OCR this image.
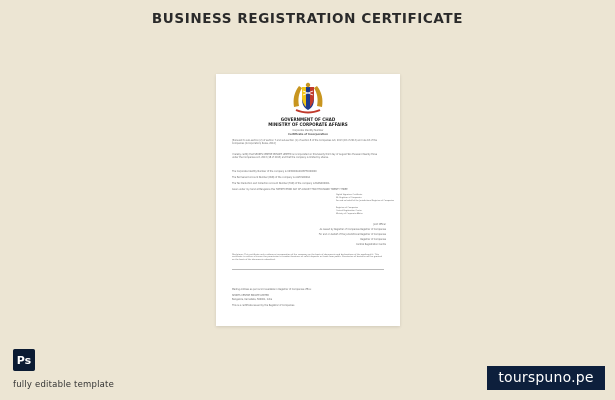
BUSINESS REGISTRATION CERTIFICATE
GOVERNMENT OF CHAD
MINISTRY OF CORPORATE AFFAIRS
Corporate Identity Number
Certificate of Incorporation
[Pursuant to sub-section (2) of section 7 and sub-section (1) of section 8 of the Companies Act, 2013 (18 of 2013) and rule 18 of the Companies (Incorporation) Rules, 2014]
I hereby certify that SPORTS CENTRE PRIVATE LIMITED is incorporated on this twenty third day of August Two thousand twenty three under the Companies Act, 2013 (18 of 2013) and that the company is limited by shares.
The Corporate Identity Number of the company is U93000KA2023PTC000000
The Permanent Account Number (PAN) of the company is AAHCS0000A
The Tax Deduction and Collection Account Number (TAN) of the company is BLRS00000A
Given under my hand at Bangalore this TWENTY-THIRD DAY OF AUGUST TWO THOUSAND TWENTY THREE
Digital Signature Certificate
Mr. Registrar of Companies
For and on behalf of the Jurisdictional Registrar of Companies
Registrar of Companies
Central Registration Centre
Ministry of Corporate Affairs
Joint Officer
As issued by Registrar of Companies Registrar of Companies
For and on behalf of the Jurisdictional Registrar of Companies
Registrar of Companies
Central Registration Centre
Disclaimer: This certificate only evidences incorporation of the company on the basis of documents and declarations of the applicant(s). This certificate is neither a license nor permission to conduct business or solicit deposits or funds from public. Permission of business will be granted on the basis of the documents submitted.
Mailing Address as per record available in Registrar of Companies office:
SPORTS CENTRE PRIVATE LIMITED
Bangalore, Karnataka, 560001, India
This is a certificate issued by the Registrar of Companies
Ps
fully editable template	tourspuno.pe
